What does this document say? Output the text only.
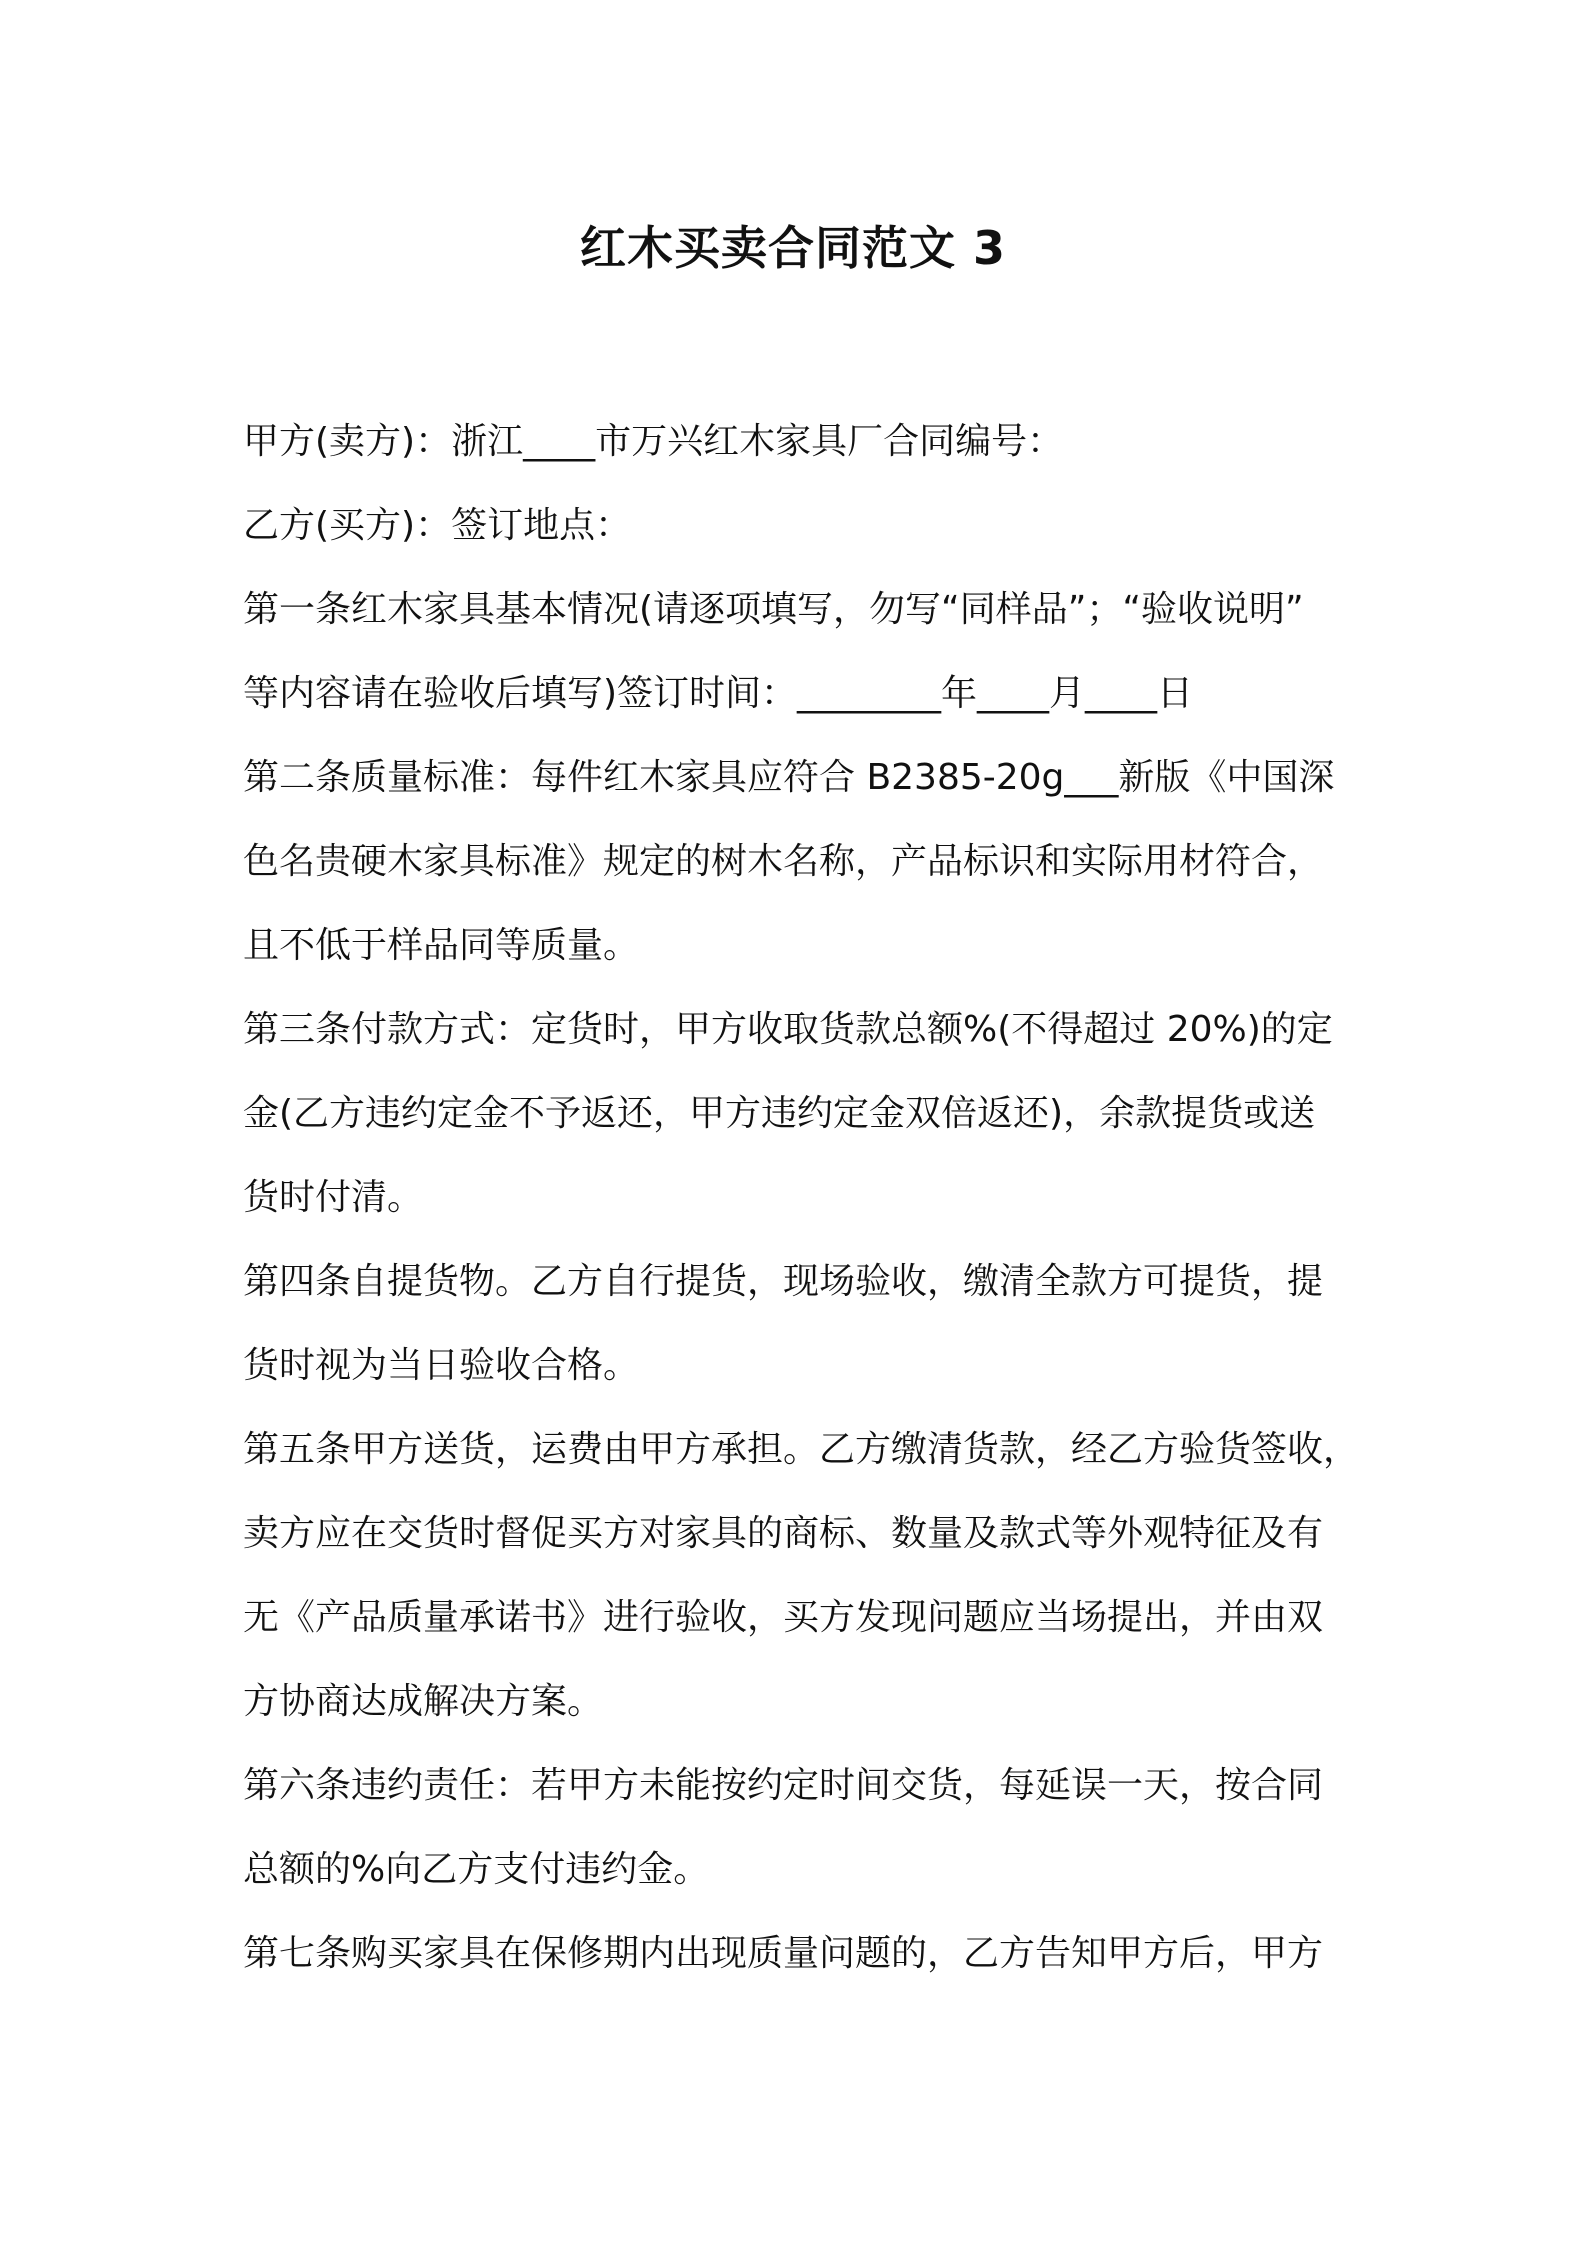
红木买卖合同范文 3
甲方(卖方)：浙江____市万兴红木家具厂合同编号：
乙方(买方)：签订地点：
第一条红木家具基本情况(请逐项填写，勿写“同样品”；“验收说明”
等内容请在验收后填写)签订时间：________年____月____日
第二条质量标准：每件红木家具应符合 B2385-20g___新版《中国深
色名贵硬木家具标准》规定的树木名称，产品标识和实际用材符合，
且不低于样品同等质量。
第三条付款方式：定货时，甲方收取货款总额%(不得超过 20%)的定
金(乙方违约定金不予返还，甲方违约定金双倍返还)，余款提货或送
货时付清。
第四条自提货物。乙方自行提货，现场验收，缴清全款方可提货，提
货时视为当日验收合格。
第五条甲方送货，运费由甲方承担。乙方缴清货款，经乙方验货签收，
卖方应在交货时督促买方对家具的商标、数量及款式等外观特征及有
无《产品质量承诺书》进行验收，买方发现问题应当场提出，并由双
方协商达成解决方案。
第六条违约责任：若甲方未能按约定时间交货，每延误一天，按合同
总额的%向乙方支付违约金。
第七条购买家具在保修期内出现质量问题的，乙方告知甲方后，甲方
